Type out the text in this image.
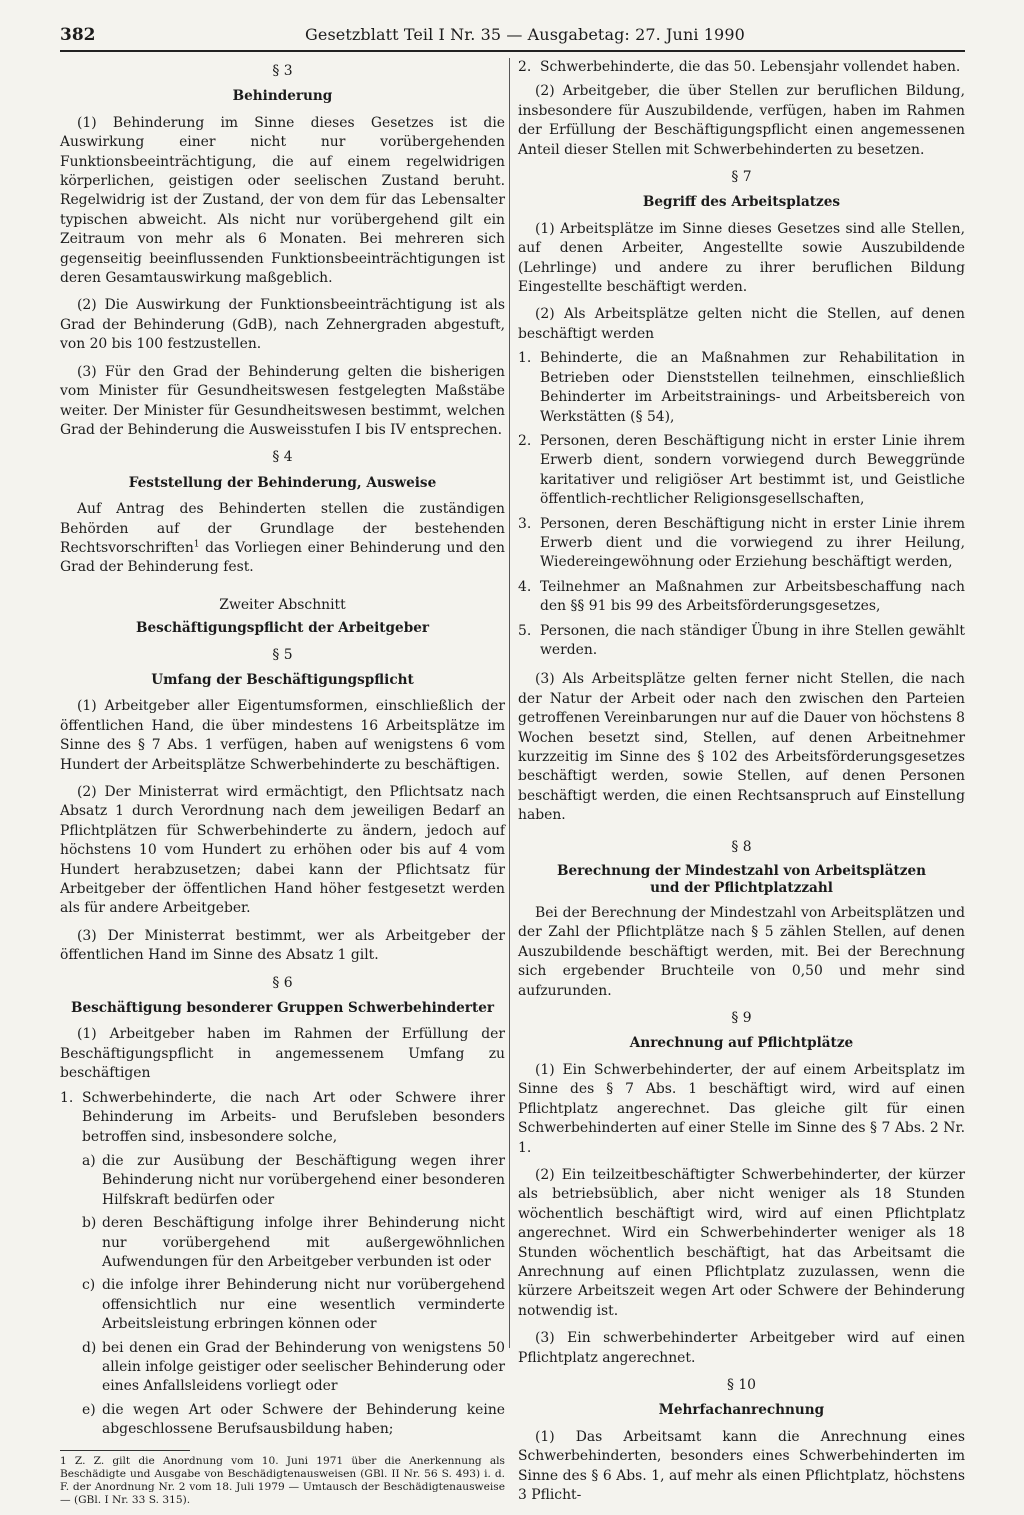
382	Gesetzblatt Teil I Nr. 35 — Ausgabetag: 27. Juni 1990
§ 3
Behinderung

(1) Behinderung im Sinne dieses Gesetzes ist die Auswirkung einer nicht nur vorübergehenden Funktionsbeeinträchtigung, die auf einem regelwidrigen körperlichen, geistigen oder seelischen Zustand beruht. Regelwidrig ist der Zustand, der von dem für das Lebensalter typischen abweicht. Als nicht nur vorübergehend gilt ein Zeitraum von mehr als 6 Monaten. Bei mehreren sich gegenseitig beeinflussenden Funktionsbeeinträchtigungen ist deren Gesamtauswirkung maßgeblich.

(2) Die Auswirkung der Funktionsbeeinträchtigung ist als Grad der Behinderung (GdB), nach Zehnergraden abgestuft, von 20 bis 100 festzustellen.

(3) Für den Grad der Behinderung gelten die bisherigen vom Minister für Gesundheitswesen festgelegten Maßstäbe weiter. Der Minister für Gesundheitswesen bestimmt, welchen Grad der Behinderung die Ausweisstufen I bis IV entsprechen.

§ 4
Feststellung der Behinderung, Ausweise

Auf Antrag des Behinderten stellen die zuständigen Behörden auf der Grundlage der bestehenden Rechtsvorschriften$^1$ das Vorliegen einer Behinderung und den Grad der Behinderung fest.

Zweiter Abschnitt
Beschäftigungspflicht der Arbeitgeber
§ 5
Umfang der Beschäftigungspflicht

(1) Arbeitgeber aller Eigentumsformen, einschließlich der öffentlichen Hand, die über mindestens 16 Arbeitsplätze im Sinne des § 7 Abs. 1 verfügen, haben auf wenigstens 6 vom Hundert der Arbeitsplätze Schwerbehinderte zu beschäftigen.

(2) Der Ministerrat wird ermächtigt, den Pflichtsatz nach Absatz 1 durch Verordnung nach dem jeweiligen Bedarf an Pflichtplätzen für Schwerbehinderte zu ändern, jedoch auf höchstens 10 vom Hundert zu erhöhen oder bis auf 4 vom Hundert herabzusetzen; dabei kann der Pflichtsatz für Arbeitgeber der öffentlichen Hand höher festgesetzt werden als für andere Arbeitgeber.

(3) Der Ministerrat bestimmt, wer als Arbeitgeber der öffentlichen Hand im Sinne des Absatz 1 gilt.

§ 6
Beschäftigung besonderer Gruppen Schwerbehinderter

(1) Arbeitgeber haben im Rahmen der Erfüllung der Beschäftigungspflicht in angemessenem Umfang zu beschäftigen

1. Schwerbehinderte, die nach Art oder Schwere ihrer Behinderung im Arbeits- und Berufsleben besonders betroffen sind, insbesondere solche,
a) die zur Ausübung der Beschäftigung wegen ihrer Behinderung nicht nur vorübergehend einer besonderen Hilfskraft bedürfen oder
b) deren Beschäftigung infolge ihrer Behinderung nicht nur vorübergehend mit außergewöhnlichen Aufwendungen für den Arbeitgeber verbunden ist oder
c) die infolge ihrer Behinderung nicht nur vorübergehend offensichtlich nur eine wesentlich verminderte Arbeitsleistung erbringen können oder
d) bei denen ein Grad der Behinderung von wenigstens 50 allein infolge geistiger oder seelischer Behinderung oder eines Anfallsleidens vorliegt oder
e) die wegen Art oder Schwere der Behinderung keine abgeschlossene Berufsausbildung haben;

1 Z. Z. gilt die Anordnung vom 10. Juni 1971 über die Anerkennung als Beschädigte und Ausgabe von Beschädigtenausweisen (GBl. II Nr. 56 S. 493) i. d. F. der Anordnung Nr. 2 vom 18. Juli 1979 — Umtausch der Beschädigtenausweise — (GBl. I Nr. 33 S. 315).

2. Schwerbehinderte, die das 50. Lebensjahr vollendet haben.

(2) Arbeitgeber, die über Stellen zur beruflichen Bildung, insbesondere für Auszubildende, verfügen, haben im Rahmen der Erfüllung der Beschäftigungspflicht einen angemessenen Anteil dieser Stellen mit Schwerbehinderten zu besetzen.

§ 7
Begriff des Arbeitsplatzes

(1) Arbeitsplätze im Sinne dieses Gesetzes sind alle Stellen, auf denen Arbeiter, Angestellte sowie Auszubildende (Lehrlinge) und andere zu ihrer beruflichen Bildung Eingestellte beschäftigt werden.

(2) Als Arbeitsplätze gelten nicht die Stellen, auf denen beschäftigt werden

1. Behinderte, die an Maßnahmen zur Rehabilitation in Betrieben oder Dienststellen teilnehmen, einschließlich Behinderter im Arbeitstrainings- und Arbeitsbereich von Werkstätten (§ 54),
2. Personen, deren Beschäftigung nicht in erster Linie ihrem Erwerb dient, sondern vorwiegend durch Beweggründe karitativer und religiöser Art bestimmt ist, und Geistliche öffentlich-rechtlicher Religionsgesellschaften,
3. Personen, deren Beschäftigung nicht in erster Linie ihrem Erwerb dient und die vorwiegend zu ihrer Heilung, Wiedereingewöhnung oder Erziehung beschäftigt werden,
4. Teilnehmer an Maßnahmen zur Arbeitsbeschaffung nach den §§ 91 bis 99 des Arbeitsförderungsgesetzes,
5. Personen, die nach ständiger Übung in ihre Stellen gewählt werden.

(3) Als Arbeitsplätze gelten ferner nicht Stellen, die nach der Natur der Arbeit oder nach den zwischen den Parteien getroffenen Vereinbarungen nur auf die Dauer von höchstens 8 Wochen besetzt sind, Stellen, auf denen Arbeitnehmer kurzzeitig im Sinne des § 102 des Arbeitsförderungsgesetzes beschäftigt werden, sowie Stellen, auf denen Personen beschäftigt werden, die einen Rechtsanspruch auf Einstellung haben.

§ 8
Berechnung der Mindestzahl von Arbeitsplätzen
und der Pflichtplatzzahl

Bei der Berechnung der Mindestzahl von Arbeitsplätzen und der Zahl der Pflichtplätze nach § 5 zählen Stellen, auf denen Auszubildende beschäftigt werden, mit. Bei der Berechnung sich ergebender Bruchteile von 0,50 und mehr sind aufzurunden.

§ 9
Anrechnung auf Pflichtplätze

(1) Ein Schwerbehinderter, der auf einem Arbeitsplatz im Sinne des § 7 Abs. 1 beschäftigt wird, wird auf einen Pflichtplatz angerechnet. Das gleiche gilt für einen Schwerbehinderten auf einer Stelle im Sinne des § 7 Abs. 2 Nr. 1.

(2) Ein teilzeitbeschäftigter Schwerbehinderter, der kürzer als betriebsüblich, aber nicht weniger als 18 Stunden wöchentlich beschäftigt wird, wird auf einen Pflichtplatz angerechnet. Wird ein Schwerbehinderter weniger als 18 Stunden wöchentlich beschäftigt, hat das Arbeitsamt die Anrechnung auf einen Pflichtplatz zuzulassen, wenn die kürzere Arbeitszeit wegen Art oder Schwere der Behinderung notwendig ist.

(3) Ein schwerbehinderter Arbeitgeber wird auf einen Pflichtplatz angerechnet.

§ 10
Mehrfachanrechnung

(1) Das Arbeitsamt kann die Anrechnung eines Schwerbehinderten, besonders eines Schwerbehinderten im Sinne des § 6 Abs. 1, auf mehr als einen Pflichtplatz, höchstens 3 Pflicht-
